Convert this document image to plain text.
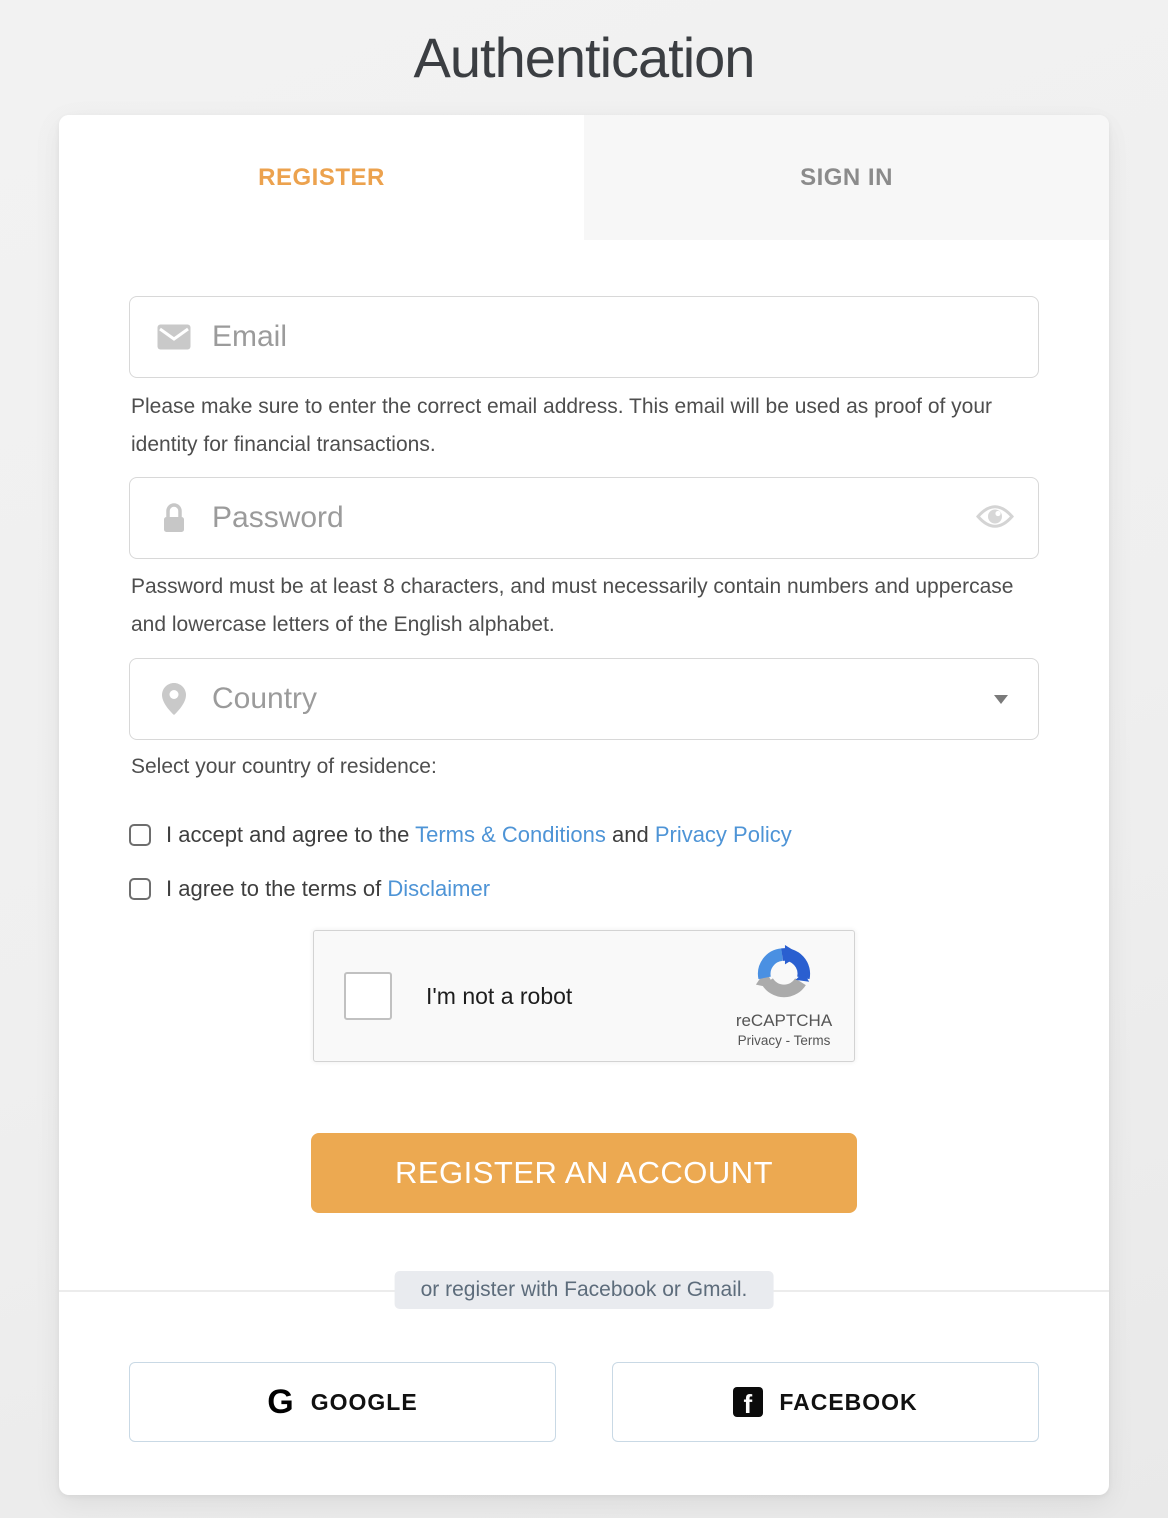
Authentication
REGISTER	SIGN IN
Email

Please make sure to enter the correct email address. This email will be used as proof of your identity for financial transactions.

Password must be at least 8 characters, and must necessarily contain numbers and uppercase and lowercase letters of the English alphabet.

Country

Select your country of residence:

I accept and agree to the Terms & Conditions and Privacy Policy
I agree to the terms of Disclaimer
I'm not a robot
reCAPTCHA
Privacy - Terms
REGISTER AN ACCOUNT
or register with Facebook or Gmail.
G GOOGLE	f	FACEBOOK
